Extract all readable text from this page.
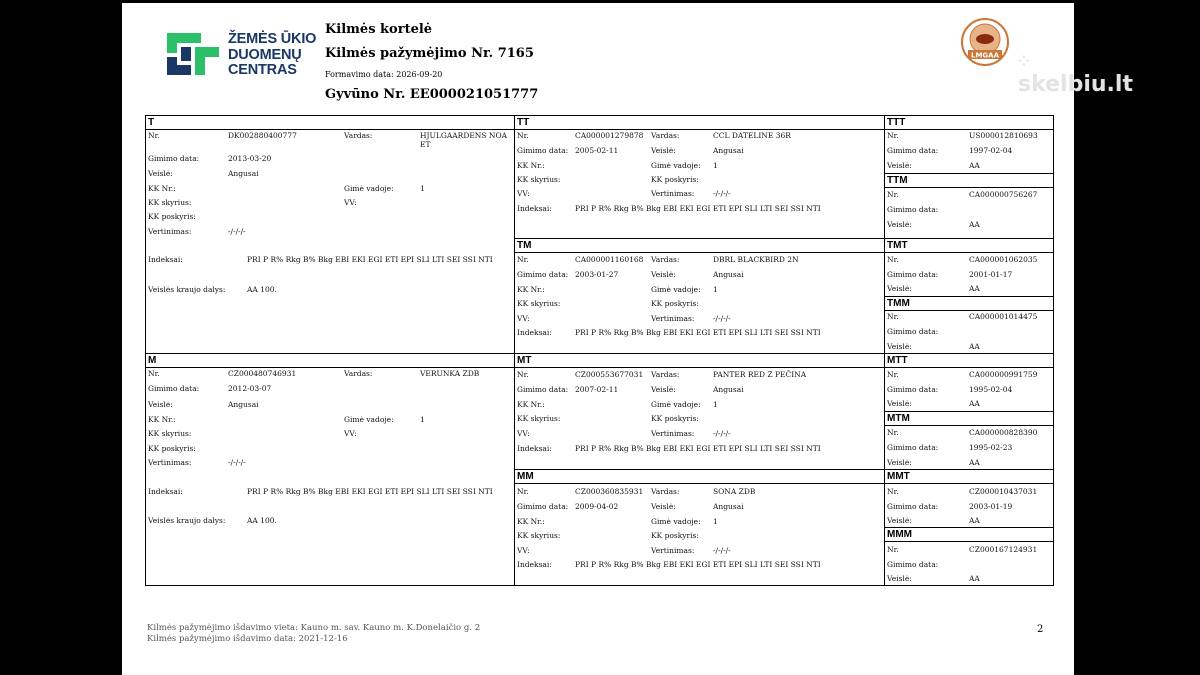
ŽEMĖS ŪKIO
DUOMENŲ
CENTRAS
Kilmės kortelė
Kilmės pažymėjimo Nr. 7165
Formavimo data: 2026-09-20
Gyvūno Nr. EE000021051777
LMGAA ⁘ skelbiu.lt
T
Nr.	DK002880400777	Vardas:	HJULGAARDENS NOA ET
Gimimo data:	2013-03-20
Veislė:	Angusai
KK Nr.:	Gimė vadoje:	1
KK skyrius:	VV:
KK poskyris:
Vertinimas:	-/-/-/-
Indeksai:	PRI P R% Rkg B% Bkg EBI EKI EGI ETI EPI SLI LTI SEI SSI NTI
Veislės kraujo dalys:	AA 100.
M
Nr.	CZ000480746931	Vardas:	VERUNKA ZDB
Gimimo data:	2012-03-07
Veislė:	Angusai
KK Nr.:	Gimė vadoje:	1
KK skyrius:	VV:
KK poskyris:
Vertinimas:	-/-/-/-
Indeksai:	PRI P R% Rkg B% Bkg EBI EKI EGI ETI EPI SLI LTI SEI SSI NTI
Veislės kraujo dalys:	AA 100.
TT
Nr.	CA000001279878 Vardas:	CCL DATELINE 36R
Gimimo data: 2005-02-11	Veislė:	Angusai
KK Nr.:	Gimė vadoje: 1
KK skyrius:	KK poskyris:
VV:	Vertinimas: -/-/-/-
Indeksai:	PRI P R% Rkg B% Bkg EBI EKI EGI ETI EPI SLI LTI SEI SSI NTI
TM
Nr.	CA000001160168 Vardas:	DBRL BLACKBIRD 2N
Gimimo data: 2003-01-27	Veislė:	Angusai
KK Nr.:	Gimė vadoje: 1
KK skyrius:	KK poskyris:
VV:	Vertinimas: -/-/-/-
Indeksai:	PRI P R% Rkg B% Bkg EBI EKI EGI ETI EPI SLI LTI SEI SSI NTI
MT
Nr.	CZ000553677031 Vardas:	PANTER RED Z PEČINA
Gimimo data: 2007-02-11	Veislė:	Angusai
KK Nr.:	Gimė vadoje: 1
KK skyrius:	KK poskyris:
VV:	Vertinimas: -/-/-/-
Indeksai:	PRI P R% Rkg B% Bkg EBI EKI EGI ETI EPI SLI LTI SEI SSI NTI
MM
Nr.	CZ000360835931 Vardas:	SONA ZDB
Gimimo data: 2009-04-02	Veislė:	Angusai
KK Nr.:	Gimė vadoje: 1
KK skyrius:	KK poskyris:
VV:	Vertinimas: -/-/-/-
Indeksai:	PRI P R% Rkg B% Bkg EBI EKI EGI ETI EPI SLI LTI SEI SSI NTI
TTT
Nr.	US000012810693
Gimimo data:	1997-02-04
Veislė:	AA
TTM
Nr.	CA000000756267
Gimimo data:
Veislė:	AA
TMT
Nr.	CA000001062035
Gimimo data:	2001-01-17
Veislė:	AA
TMM
Nr.	CA000001014475
Gimimo data:
Veislė:	AA
MTT
Nr.	CA000000991759
Gimimo data:	1995-02-04
Veislė:	AA
MTM
Nr.	CA000000828390
Gimimo data:	1995-02-23
Veislė:	AA
MMT
Nr.	CZ000010437031
Gimimo data:	2003-01-19
Veislė:	AA
MMM
Nr.	CZ000167124931
Gimimo data:
Veislė:	AA
Kilmės pažymėjimo išdavimo vieta: Kauno m. sav. Kauno m. K.Donelaičio g. 2
Kilmės pažymėjimo išdavimo data: 2021-12-16
2
